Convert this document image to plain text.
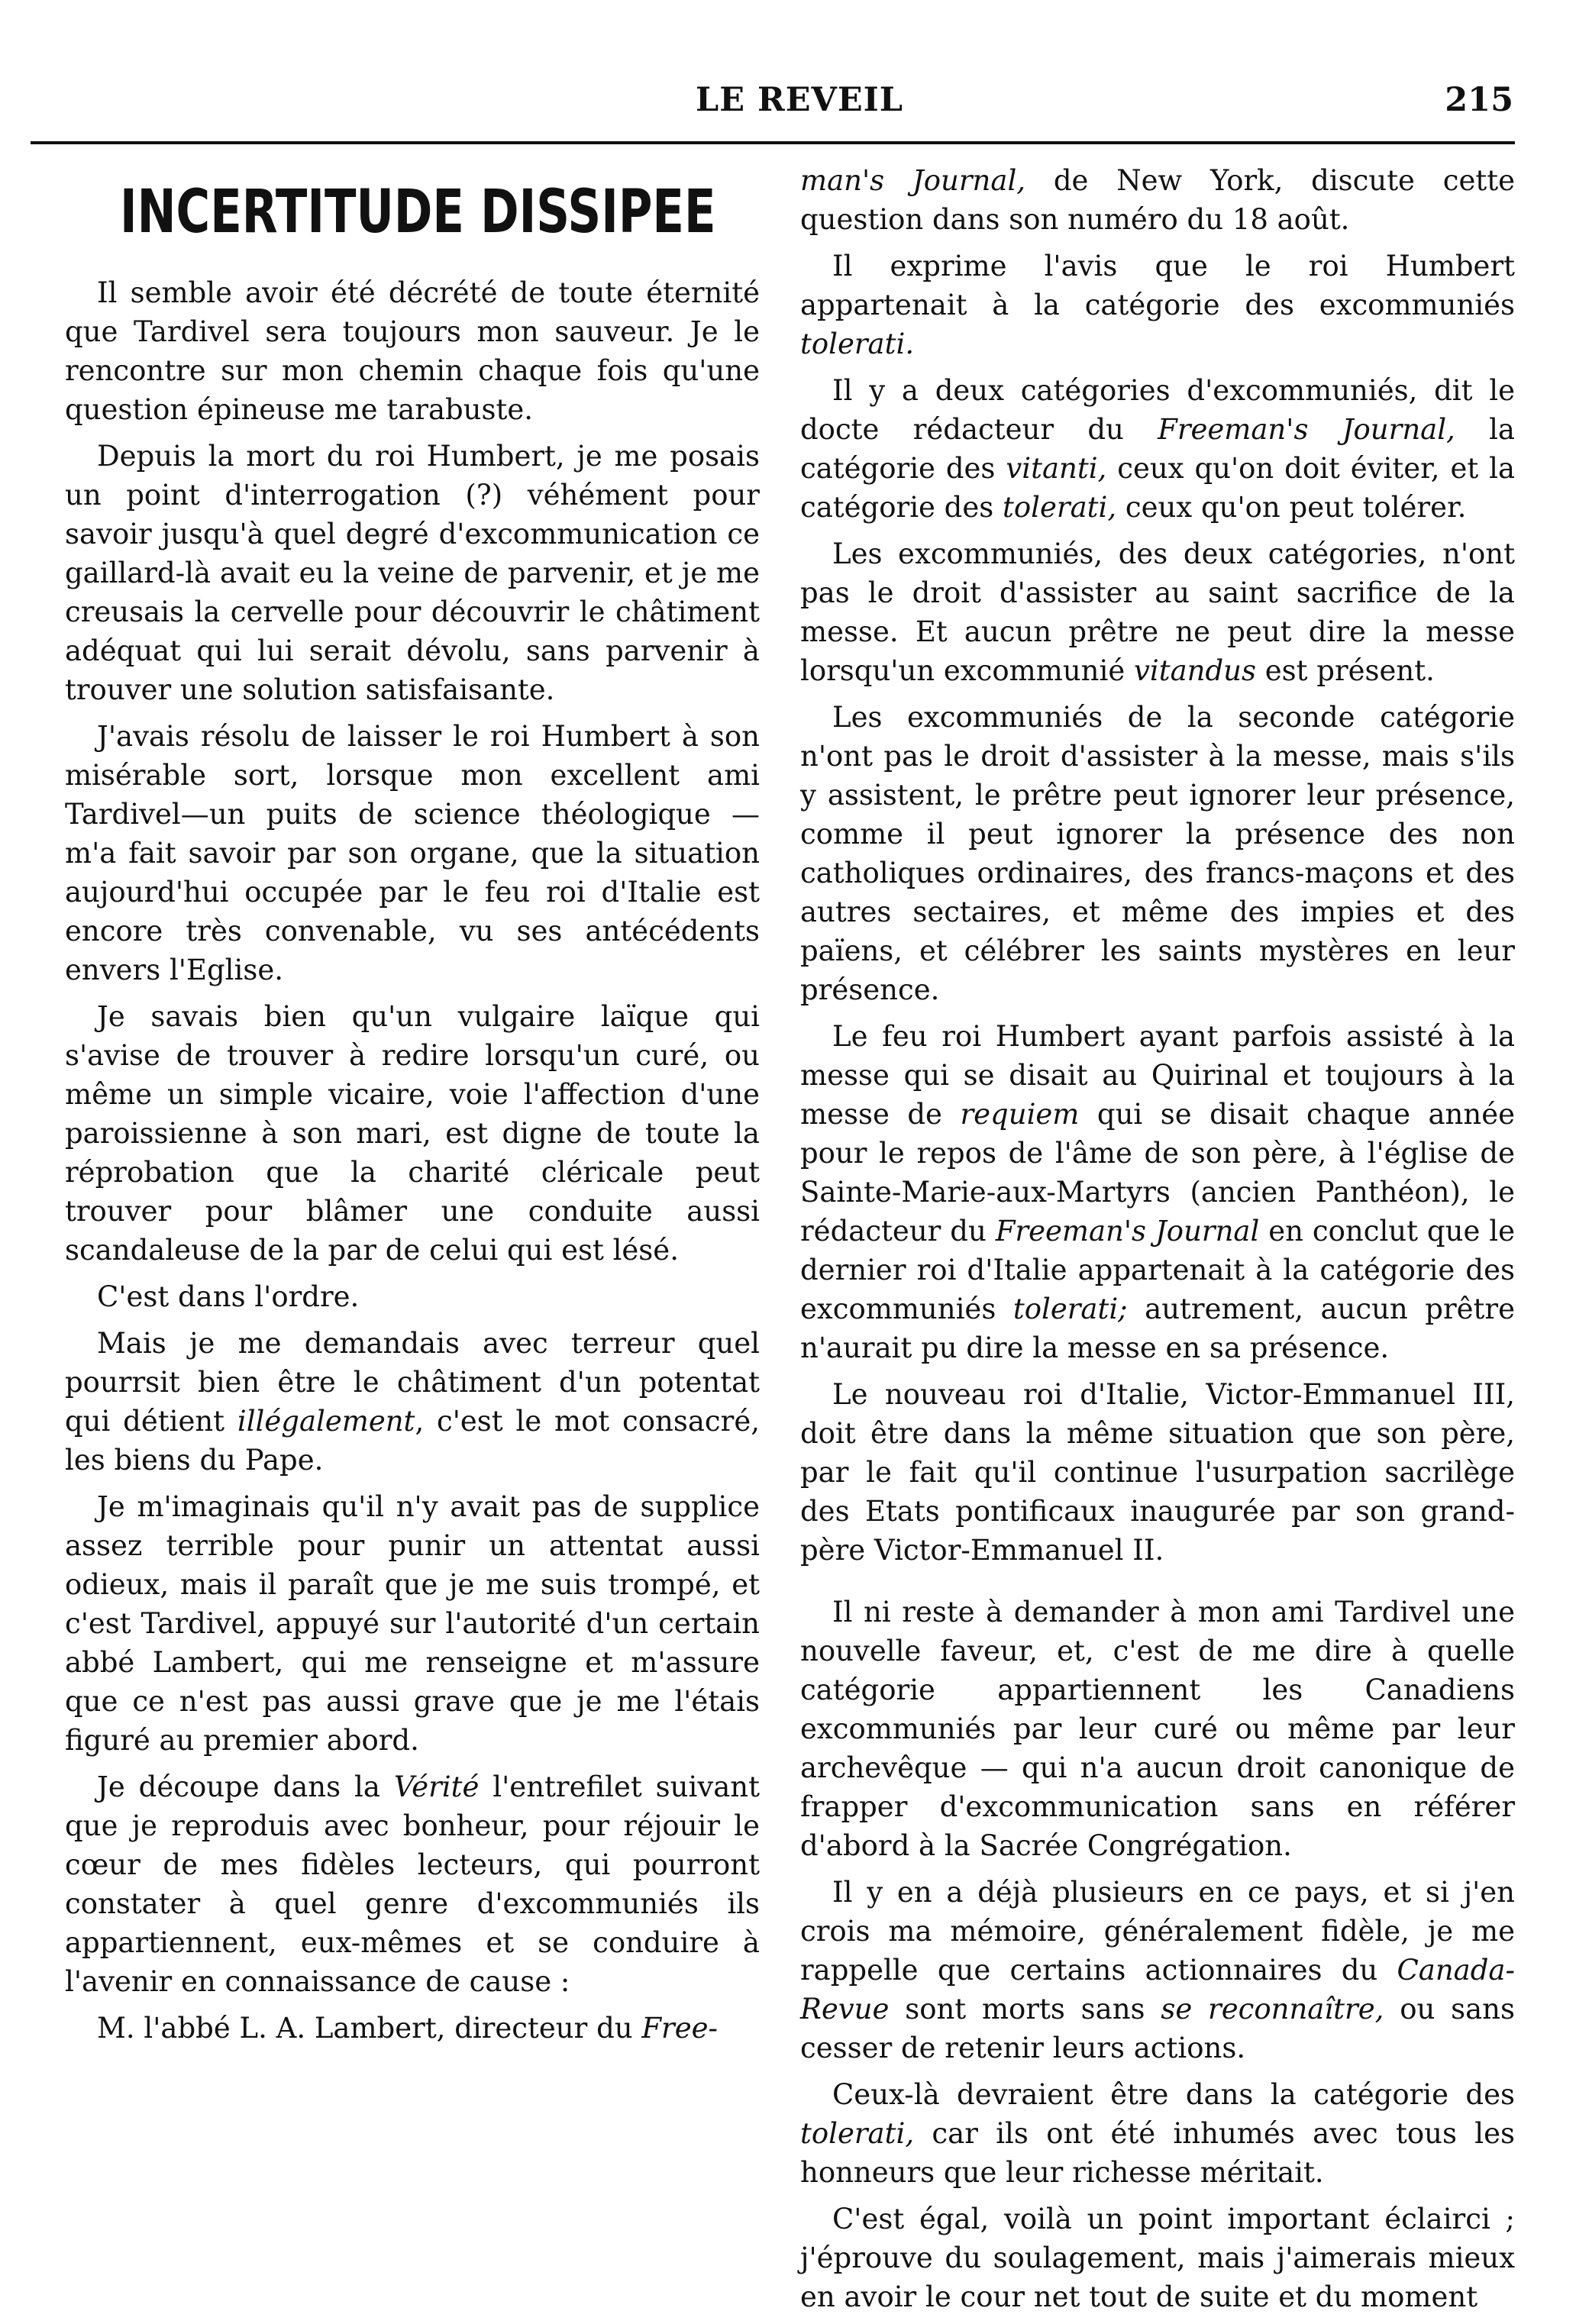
LE REVEIL	215
INCERTITUDE DISSIPEE

Il semble avoir été décrété de toute éternité que Tardivel sera toujours mon sauveur. Je le rencontre sur mon chemin chaque fois qu'une question épineuse me tarabuste.

Depuis la mort du roi Humbert, je me posais un point d'interrogation (?) véhément pour savoir jusqu'à quel degré d'excommunication ce gaillard-là avait eu la veine de parvenir, et je me creusais la cervelle pour découvrir le châtiment adéquat qui lui serait dévolu, sans parvenir à trouver une solution satisfaisante.

J'avais résolu de laisser le roi Humbert à son misérable sort, lorsque mon excellent ami Tardivel—un puits de science théologique — m'a fait savoir par son organe, que la situation aujourd'hui occupée par le feu roi d'Italie est encore très convenable, vu ses antécédents envers l'Eglise.

Je savais bien qu'un vulgaire laïque qui s'avise de trouver à redire lorsqu'un curé, ou même un simple vicaire, voie l'affection d'une paroissienne à son mari, est digne de toute la réprobation que la charité cléricale peut trouver pour blâmer une conduite aussi scandaleuse de la par de celui qui est lésé.

C'est dans l'ordre.

Mais je me demandais avec terreur quel pourrsit bien être le châtiment d'un potentat qui détient illégalement, c'est le mot consacré, les biens du Pape.

Je m'imaginais qu'il n'y avait pas de supplice assez terrible pour punir un attentat aussi odieux, mais il paraît que je me suis trompé, et c'est Tardivel, appuyé sur l'autorité d'un certain abbé Lambert, qui me renseigne et m'assure que ce n'est pas aussi grave que je me l'étais figuré au premier abord.

Je découpe dans la Vérité l'entrefilet suivant que je reproduis avec bonheur, pour réjouir le cœur de mes fidèles lecteurs, qui pourront constater à quel genre d'excommuniés ils appartiennent, eux-mêmes et se conduire à l'avenir en connaissance de cause :

M. l'abbé L. A. Lambert, directeur du Free-

man's Journal, de New York, discute cette question dans son numéro du 18 août.

Il exprime l'avis que le roi Humbert appartenait à la catégorie des excommuniés tolerati.

Il y a deux catégories d'excommuniés, dit le docte rédacteur du Freeman's Journal, la catégorie des vitanti, ceux qu'on doit éviter, et la catégorie des tolerati, ceux qu'on peut tolérer.

Les excommuniés, des deux catégories, n'ont pas le droit d'assister au saint sacrifice de la messe. Et aucun prêtre ne peut dire la messe lorsqu'un excommunié vitandus est présent.

Les excommuniés de la seconde catégorie n'ont pas le droit d'assister à la messe, mais s'ils y assistent, le prêtre peut ignorer leur présence, comme il peut ignorer la présence des non catholiques ordinaires, des francs-maçons et des autres sectaires, et même des impies et des païens, et célébrer les saints mystères en leur présence.

Le feu roi Humbert ayant parfois assisté à la messe qui se disait au Quirinal et toujours à la messe de requiem qui se disait chaque année pour le repos de l'âme de son père, à l'église de Sainte-Marie-aux-Martyrs (ancien Panthéon), le rédacteur du Freeman's Journal en conclut que le dernier roi d'Italie appartenait à la catégorie des excommuniés tolerati; autrement, aucun prêtre n'aurait pu dire la messe en sa présence.

Le nouveau roi d'Italie, Victor-Emmanuel III, doit être dans la même situation que son père, par le fait qu'il continue l'usurpation sacrilège des Etats pontificaux inaugurée par son grand-père Victor-Emmanuel II.

Il ni reste à demander à mon ami Tardivel une nouvelle faveur, et, c'est de me dire à quelle catégorie appartiennent les Canadiens excommuniés par leur curé ou même par leur archevêque — qui n'a aucun droit canonique de frapper d'excommunication sans en référer d'abord à la Sacrée Congrégation.

Il y en a déjà plusieurs en ce pays, et si j'en crois ma mémoire, généralement fidèle, je me rappelle que certains actionnaires du Canada-Revue sont morts sans se reconnaître, ou sans cesser de retenir leurs actions.

Ceux-là devraient être dans la catégorie des tolerati, car ils ont été inhumés avec tous les honneurs que leur richesse méritait.

C'est égal, voilà un point important éclairci ; j'éprouve du soulagement, mais j'aimerais mieux en avoir le cour net tout de suite et du moment
